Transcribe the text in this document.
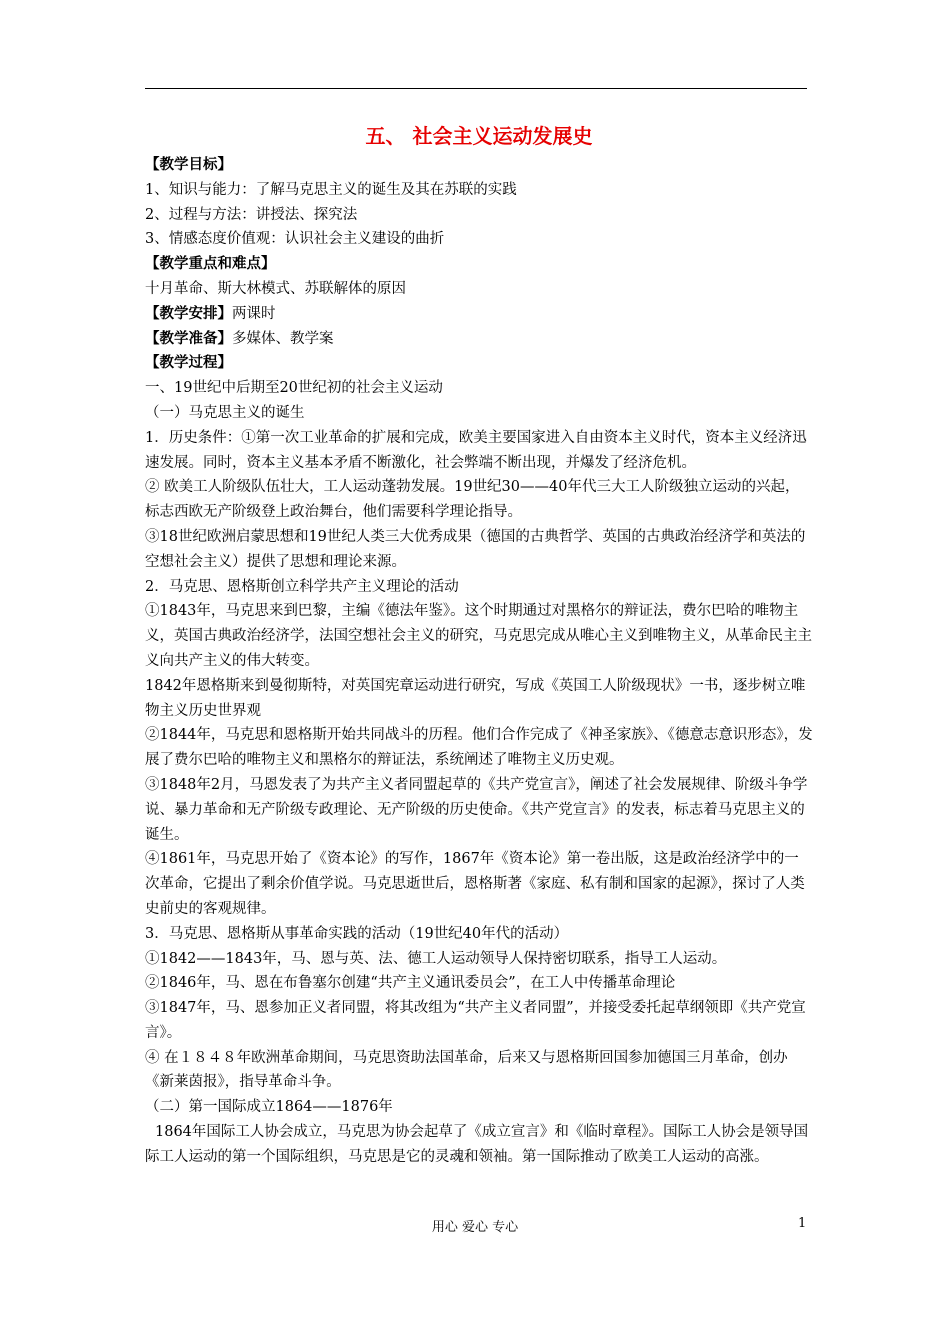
五、 社会主义运动发展史

【教学目标】

1、知识与能力：了解马克思主义的诞生及其在苏联的实践

2、过程与方法：讲授法、探究法

3、情感态度价值观：认识社会主义建设的曲折

【教学重点和难点】

十月革命、斯大林模式、苏联解体的原因

【教学安排】两课时

【教学准备】多媒体、教学案

【教学过程】

一、19世纪中后期至20世纪初的社会主义运动

（一）马克思主义的诞生

1．历史条件：①第一次工业革命的扩展和完成，欧美主要国家进入自由资本主义时代，资本主义经济迅速发展。同时，资本主义基本矛盾不断激化，社会弊端不断出现，并爆发了经济危机。

② 欧美工人阶级队伍壮大，工人运动蓬勃发展。19世纪30——40年代三大工人阶级独立运动的兴起，标志西欧无产阶级登上政治舞台，他们需要科学理论指导。

③18世纪欧洲启蒙思想和19世纪人类三大优秀成果（德国的古典哲学、英国的古典政治经济学和英法的空想社会主义）提供了思想和理论来源。

2．马克思、恩格斯创立科学共产主义理论的活动

①1843年，马克思来到巴黎，主编《德法年鉴》。这个时期通过对黑格尔的辩证法，费尔巴哈的唯物主义，英国古典政治经济学，法国空想社会主义的研究，马克思完成从唯心主义到唯物主义，从革命民主主义向共产主义的伟大转变。

1842年恩格斯来到曼彻斯特，对英国宪章运动进行研究，写成《英国工人阶级现状》一书，逐步树立唯物主义历史世界观

②1844年，马克思和恩格斯开始共同战斗的历程。他们合作完成了《神圣家族》、《德意志意识形态》，发展了费尔巴哈的唯物主义和黑格尔的辩证法，系统阐述了唯物主义历史观。

③1848年2月，马恩发表了为共产主义者同盟起草的《共产党宣言》，阐述了社会发展规律、阶级斗争学说、暴力革命和无产阶级专政理论、无产阶级的历史使命。《共产党宣言》的发表，标志着马克思主义的诞生。

④1861年，马克思开始了《资本论》的写作，1867年《资本论》第一卷出版，这是政治经济学中的一次革命，它提出了剩余价值学说。马克思逝世后，恩格斯著《家庭、私有制和国家的起源》，探讨了人类史前史的客观规律。

3．马克思、恩格斯从事革命实践的活动（19世纪40年代的活动）

①1842——1843年，马、恩与英、法、德工人运动领导人保持密切联系，指导工人运动。

②1846年，马、恩在布鲁塞尔创建“共产主义通讯委员会”，在工人中传播革命理论

③1847年，马、恩参加正义者同盟，将其改组为“共产主义者同盟”，并接受委托起草纲领即《共产党宣言》。

④ 在１８４８年欧洲革命期间，马克思资助法国革命，后来又与恩格斯回国参加德国三月革命，创办《新莱茵报》，指导革命斗争。

（二）第一国际成立1864——1876年

1864年国际工人协会成立，马克思为协会起草了《成立宣言》和《临时章程》。国际工人协会是领导国际工人运动的第一个国际组织，马克思是它的灵魂和领袖。第一国际推动了欧美工人运动的高涨。

用心 爱心 专心	1
